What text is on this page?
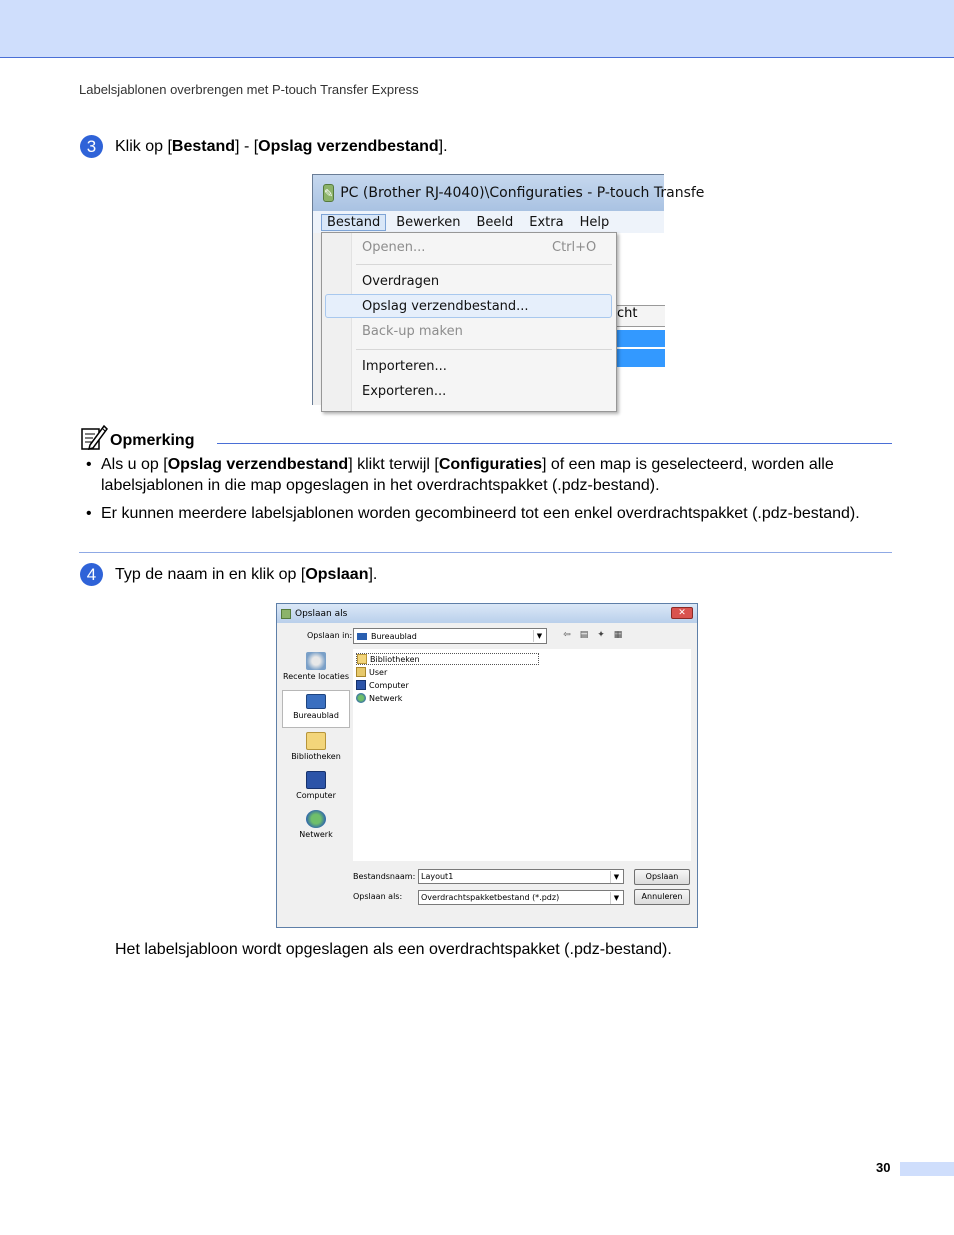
Labelsjablonen overbrengen met P-touch Transfer Express
3	Klik op [Bestand] - [Opslag verzendbestand].
✎ PC (Brother RJ-4040)\Configuraties - P-touch Transfe
Bestand	Bewerken Beeld Extra Help
cht
Openen...	Ctrl+O
Overdragen
Opslag verzendbestand...
Back-up maken
Importeren...
Exporteren...
Opmerking
• Als u op [Opslag verzendbestand] klikt terwijl [Configuraties] of een map is geselecteerd, worden alle labelsjablonen in die map opgeslagen in het overdrachtspakket (.pdz-bestand).
• Er kunnen meerdere labelsjablonen worden gecombineerd tot een enkel overdrachtspakket (.pdz-bestand).
4	Typ de naam in en klik op [Opslaan].
Opslaan als	✕
Opslaan in: Bureaublad	▼	⇦ ▤ ✦ ▦
Recente locaties
Bureaublad
Bibliotheken
Computer
Netwerk
Bibliotheken
User
Computer
Netwerk
Bestandsnaam: Layout1	▼
Opslaan als:	Overdrachtspakketbestand (*.pdz)	▼
Opslaan
Annuleren
Het labelsjabloon wordt opgeslagen als een overdrachtspakket (.pdz-bestand).
30
